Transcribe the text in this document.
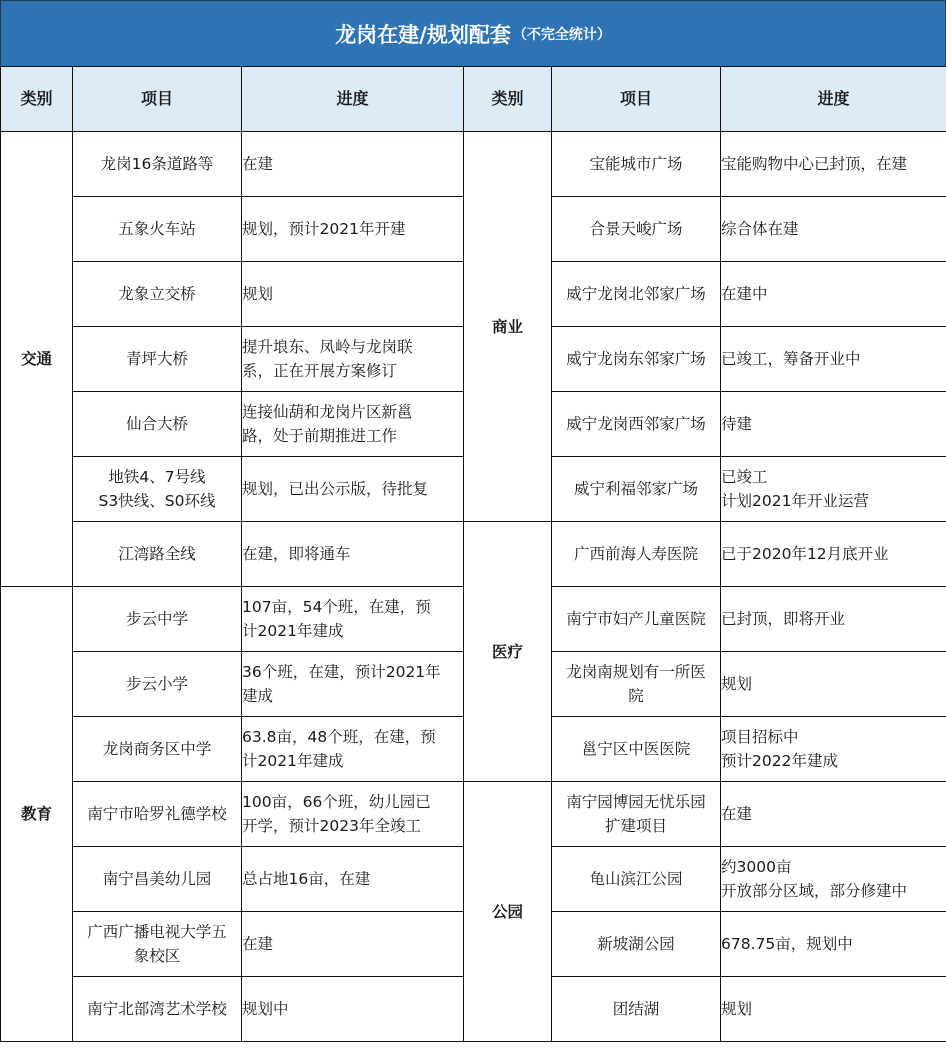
龙岗在建/规划配套 （不完全统计）
类别	项目	进度	类别	项目	进度
交通	龙岗16条道路等	在建	商业	宝能城市广场	宝能购物中心已封顶，在建

	五象火车站	规划，预计2021年开建		合景天峻广场	综合体在建

	龙象立交桥	规划		威宁龙岗北邻家广场	在建中

	青坪大桥	提升埌东、凤岭与龙岗联
系，正在开展方案修订		威宁龙岗东邻家广场	已竣工，筹备开业中

	仙合大桥	连接仙葫和龙岗片区新邕
路，处于前期推进工作		威宁龙岗西邻家广场	待建

	地铁4、7号线
S3快线、S0环线	规划，已出公示版，待批复		威宁利福邻家广场	已竣工
计划2021年开业运营

	江湾路全线	在建，即将通车	医疗	广西前海人寿医院	已于2020年12月底开业

教育	步云中学	107亩，54个班，在建，预
计2021年建成		南宁市妇产儿童医院	已封顶，即将开业

	步云小学	36个班，在建，预计2021年
建成		龙岗南规划有一所医
院	规划

	龙岗商务区中学	63.8亩，48个班，在建，预
计2021年建成		邕宁区中医医院	项目招标中
预计2022年建成

	南宁市哈罗礼德学校	100亩，66个班，幼儿园已
开学，预计2023年全竣工	公园	南宁园博园无忧乐园
扩建项目	在建

	南宁昌美幼儿园	总占地16亩，在建		龟山滨江公园	约3000亩
开放部分区域，部分修建中

	广西广播电视大学五
象校区	在建		新坡湖公园	678.75亩，规划中

	南宁北部湾艺术学校	规划中		团结湖	规划
